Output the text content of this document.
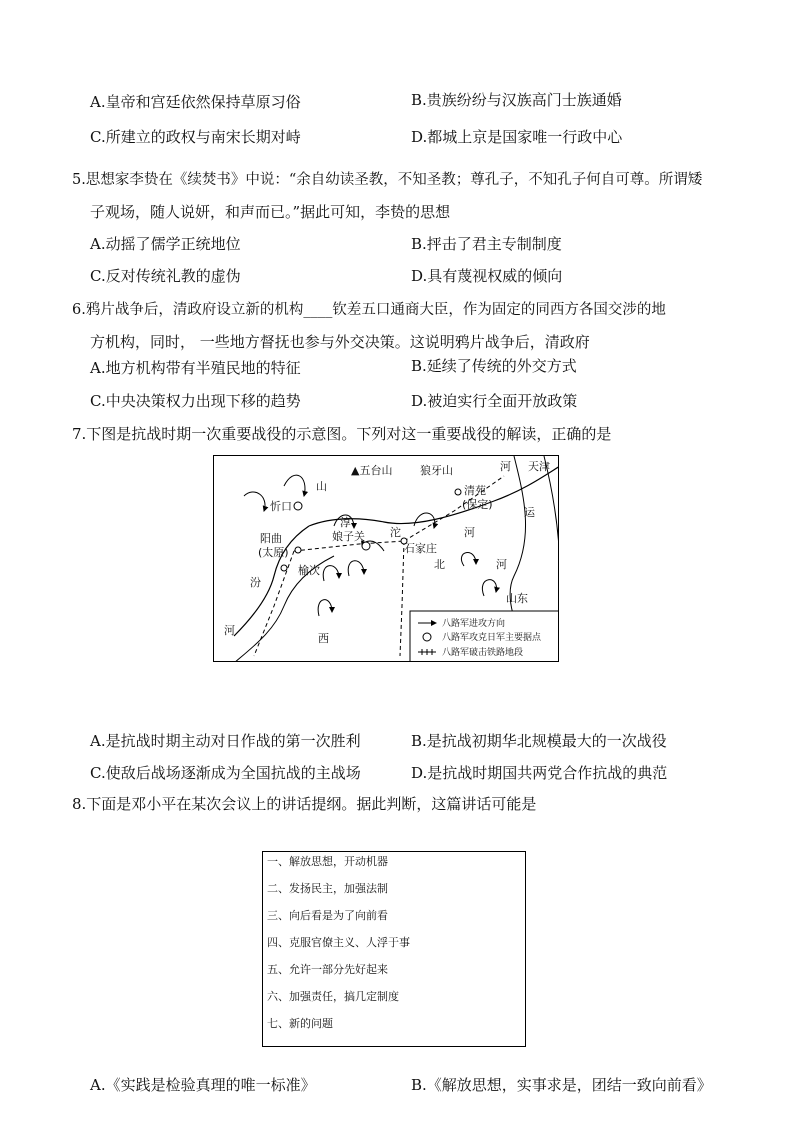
A.皇帝和宫廷依然保持草原习俗	B.贵族纷纷与汉族高门士族通婚
C.所建立的政权与南宋长期对峙	D.都城上京是国家唯一行政中心
5.思想家李贽在《续焚书》中说：“余自幼读圣教，不知圣教；尊孔子，不知孔子何自可尊。所谓矮
子观场，随人说妍，和声而已。”据此可知，李贽的思想
A.动摇了儒学正统地位	B.抨击了君主专制制度
C.反对传统礼教的虚伪	D.具有蔑视权威的倾向
6.鸦片战争后，清政府设立新的机构____钦差五口通商大臣，作为固定的同西方各国交涉的地
方机构，同时， 一些地方督抚也参与外交决策。这说明鸦片战争后，清政府
A.地方机构带有半殖民地的特征	B.延续了传统的外交方式
C.中央决策权力出现下移的趋势	D.被迫实行全面开放政策
7.下图是抗战时期一次重要战役的示意图。下列对这一重要战役的解读，正确的是
▲五台山	狼牙山	天津
河
山
忻口
清苑
(保定)
运
淳
娘子关 沱
石家庄
阳曲
(太原)
榆次
河
北	河
汾
山东
河
西
八路军进攻方向
八路军攻克日军主要据点
八路军破击铁路地段
A.是抗战时期主动对日作战的第一次胜利	B.是抗战初期华北规模最大的一次战役
C.使敌后战场逐渐成为全国抗战的主战场	D.是抗战时期国共两党合作抗战的典范
8.下面是邓小平在某次会议上的讲话提纲。据此判断，这篇讲话可能是
一、解放思想，开动机器
二、发扬民主，加强法制
三、向后看是为了向前看
四、克服官僚主义、人浮于事
五、允许一部分先好起来
六、加强责任，搞几定制度
七、新的问题
A.《实践是检验真理的唯一标准》	B.《解放思想，实事求是，团结一致向前看》
